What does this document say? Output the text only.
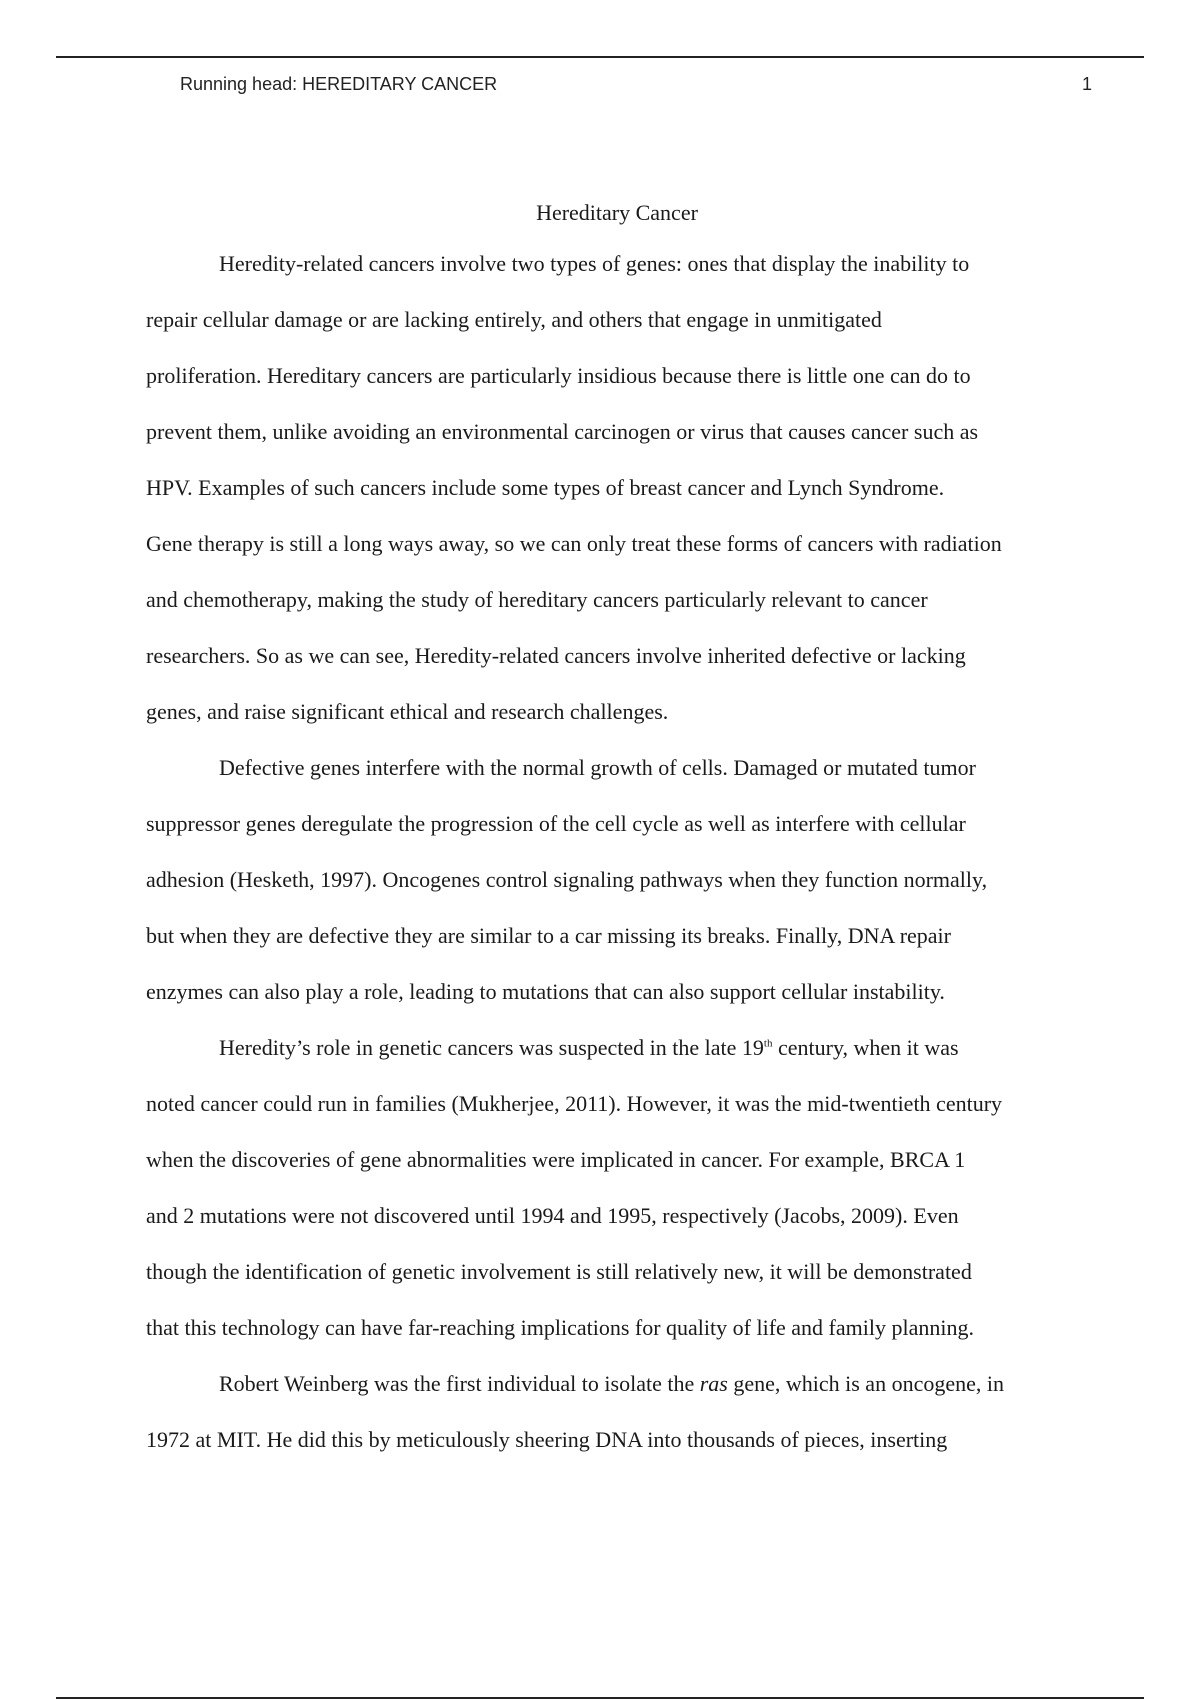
Running head: HEREDITARY CANCER	1
Hereditary Cancer
Heredity-related cancers involve two types of genes: ones that display the inability to
repair cellular damage or are lacking entirely, and others that engage in unmitigated
proliferation. Hereditary cancers are particularly insidious because there is little one can do to
prevent them, unlike avoiding an environmental carcinogen or virus that causes cancer such as
HPV. Examples of such cancers include some types of breast cancer and Lynch Syndrome.
Gene therapy is still a long ways away, so we can only treat these forms of cancers with radiation
and chemotherapy, making the study of hereditary cancers particularly relevant to cancer
researchers. So as we can see, Heredity-related cancers involve inherited defective or lacking
genes, and raise significant ethical and research challenges.
Defective genes interfere with the normal growth of cells. Damaged or mutated tumor
suppressor genes deregulate the progression of the cell cycle as well as interfere with cellular
adhesion (Hesketh, 1997). Oncogenes control signaling pathways when they function normally,
but when they are defective they are similar to a car missing its breaks. Finally, DNA repair
enzymes can also play a role, leading to mutations that can also support cellular instability.
Heredity’s role in genetic cancers was suspected in the late 19th century, when it was
noted cancer could run in families (Mukherjee, 2011). However, it was the mid-twentieth century
when the discoveries of gene abnormalities were implicated in cancer. For example, BRCA 1
and 2 mutations were not discovered until 1994 and 1995, respectively (Jacobs, 2009). Even
though the identification of genetic involvement is still relatively new, it will be demonstrated
that this technology can have far-reaching implications for quality of life and family planning.
Robert Weinberg was the first individual to isolate the ras gene, which is an oncogene, in
1972 at MIT. He did this by meticulously sheering DNA into thousands of pieces, inserting
